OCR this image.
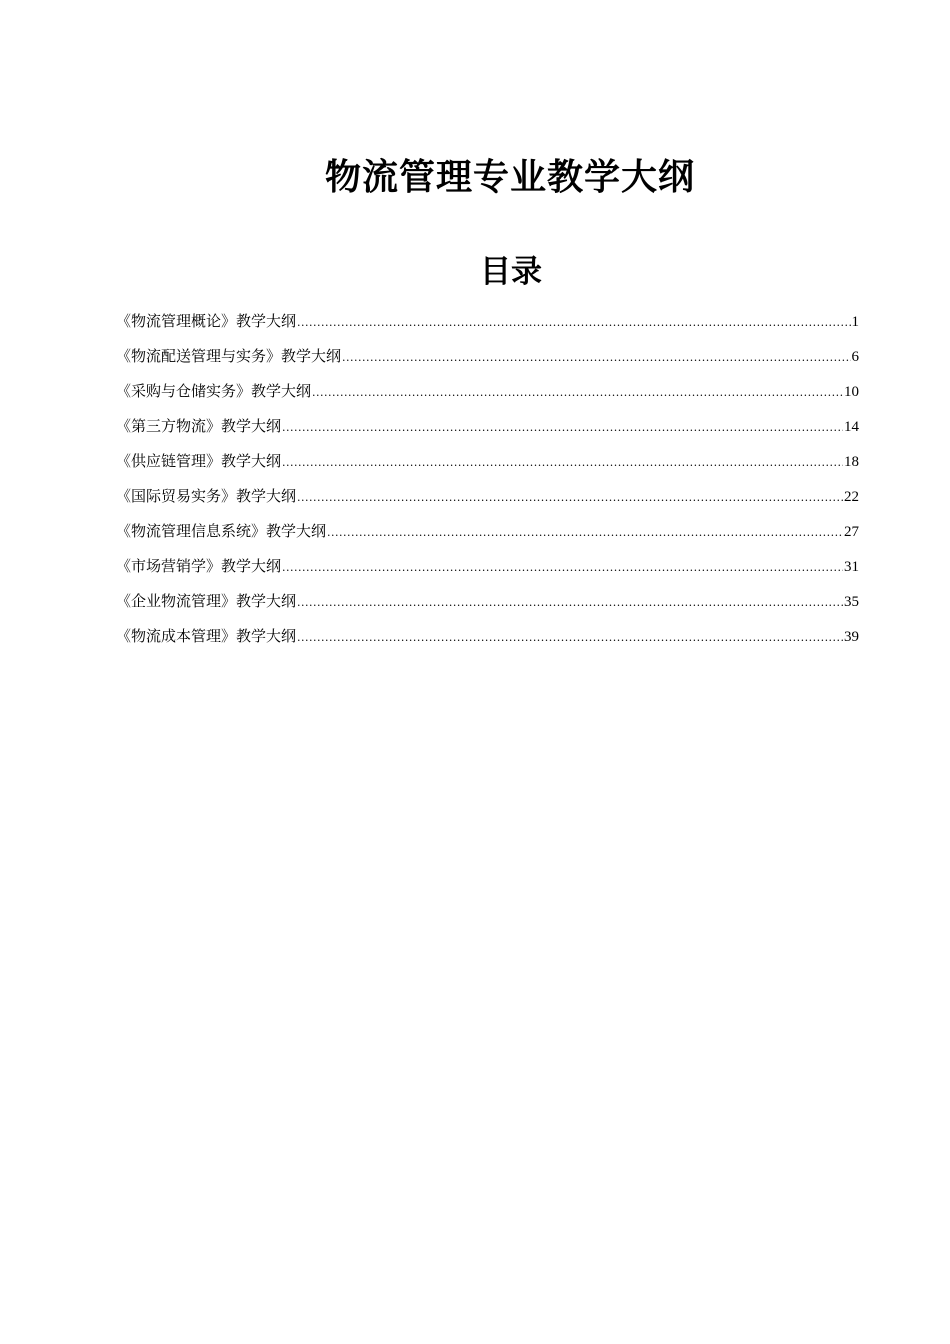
物流管理专业教学大纲
目录
《物流管理概论》教学大纲 .....	1
《物流配送管理与实务》教学大纲 .....	6
《采购与仓储实务》教学大纲 .....	10
《第三方物流》教学大纲 .....	14
《供应链管理》教学大纲 .....	18
《国际贸易实务》教学大纲 .....	22
《物流管理信息系统》教学大纲 .....	27
《市场营销学》教学大纲 .....	31
《企业物流管理》教学大纲 .....	35
《物流成本管理》教学大纲 .....	39
